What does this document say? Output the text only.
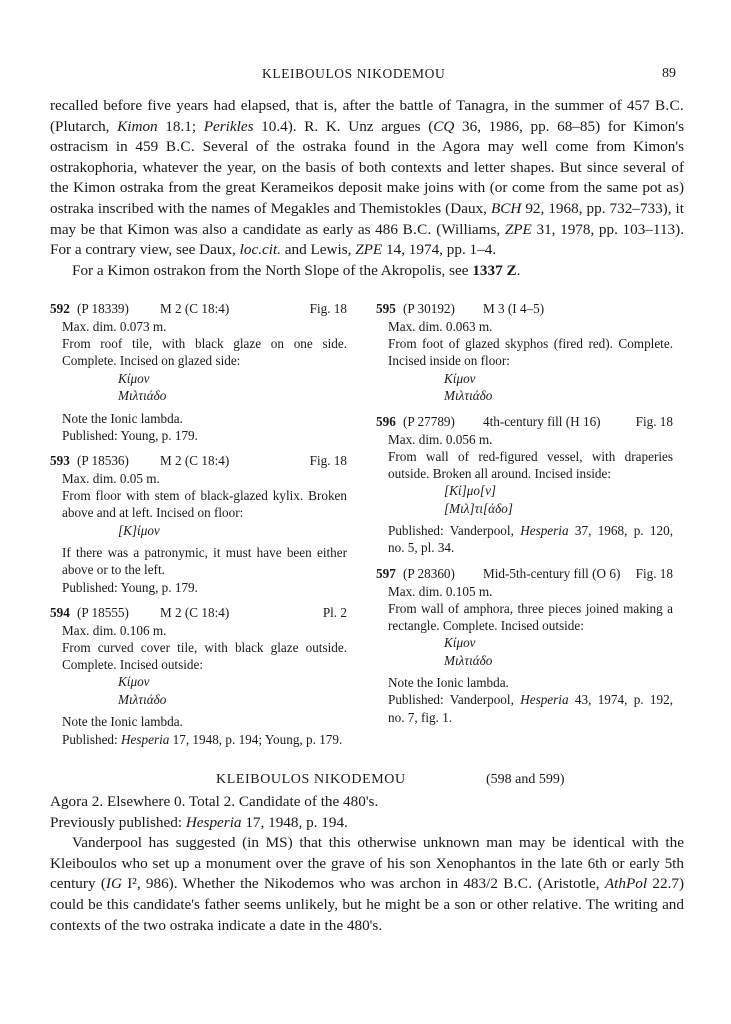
KLEIBOULOS NIKODEMOU	89

recalled before five years had elapsed, that is, after the battle of Tanagra, in the summer of 457 B.C. (Plutarch, Kimon 18.1; Perikles 10.4). R. K. Unz argues (CQ 36, 1986, pp. 68–85) for Kimon's ostracism in 459 B.C. Several of the ostraka found in the Agora may well come from Kimon's ostrakophoria, whatever the year, on the basis of both contexts and letter shapes. But since several of the Kimon ostraka from the great Kerameikos deposit make joins with (or come from the same pot as) ostraka inscribed with the names of Megakles and Themistokles (Daux, BCH 92, 1968, pp. 732–733), it may be that Kimon was also a candidate as early as 486 B.C. (Williams, ZPE 31, 1978, pp. 103–113). For a contrary view, see Daux, loc.cit. and Lewis, ZPE 14, 1974, pp. 1–4.

For a Kimon ostrakon from the North Slope of the Akropolis, see 1337 Z.

592 (P 18339) M 2 (C 18:4)	Fig. 18

Max. dim. 0.073 m.

From roof tile, with black glaze on one side. Complete. Incised on glazed side:

Κίμον
Μιλτιάδο

Note the Ionic lambda.

Published: Young, p. 179.

593 (P 18536) M 2 (C 18:4)	Fig. 18

Max. dim. 0.05 m.

From floor with stem of black-glazed kylix. Broken above and at left. Incised on floor:

[Κ]ίμον

If there was a patronymic, it must have been either above or to the left.

Published: Young, p. 179.

594 (P 18555) M 2 (C 18:4)	Pl. 2

Max. dim. 0.106 m.

From curved cover tile, with black glaze outside. Complete. Incised outside:

Κίμον
Μιλτιάδο

Note the Ionic lambda.

Published: Hesperia 17, 1948, p. 194; Young, p. 179.

595 (P 30192) M 3 (I 4–5)

Max. dim. 0.063 m.

From foot of glazed skyphos (fired red). Complete. Incised inside on floor:

Κίμον
Μιλτιάδο
596 (P 27789) 4th-century fill (H 16)	Fig. 18

Max. dim. 0.056 m.

From wall of red-figured vessel, with draperies outside. Broken all around. Incised inside:

[Κί]μο[ν]
[Μιλ]τι[άδο]

Published: Vanderpool, Hesperia 37, 1968, p. 120, no. 5, pl. 34.

597 (P 28360) Mid-5th-century fill (O 6) Fig. 18

Max. dim. 0.105 m.

From wall of amphora, three pieces joined making a rectangle. Complete. Incised outside:

Κίμον
Μιλτιάδο

Note the Ionic lambda.

Published: Vanderpool, Hesperia 43, 1974, p. 192, no. 7, fig. 1.

KLEIBOULOS NIKODEMOU	(598 and 599)

Agora 2. Elsewhere 0. Total 2. Candidate of the 480's.

Previously published: Hesperia 17, 1948, p. 194.

Vanderpool has suggested (in MS) that this otherwise unknown man may be identical with the Kleiboulos who set up a monument over the grave of his son Xenophantos in the late 6th or early 5th century (IG I², 986). Whether the Nikodemos who was archon in 483/2 B.C. (Aristotle, AthPol 22.7) could be this candidate's father seems unlikely, but he might be a son or other relative. The writing and contexts of the two ostraka indicate a date in the 480's.
